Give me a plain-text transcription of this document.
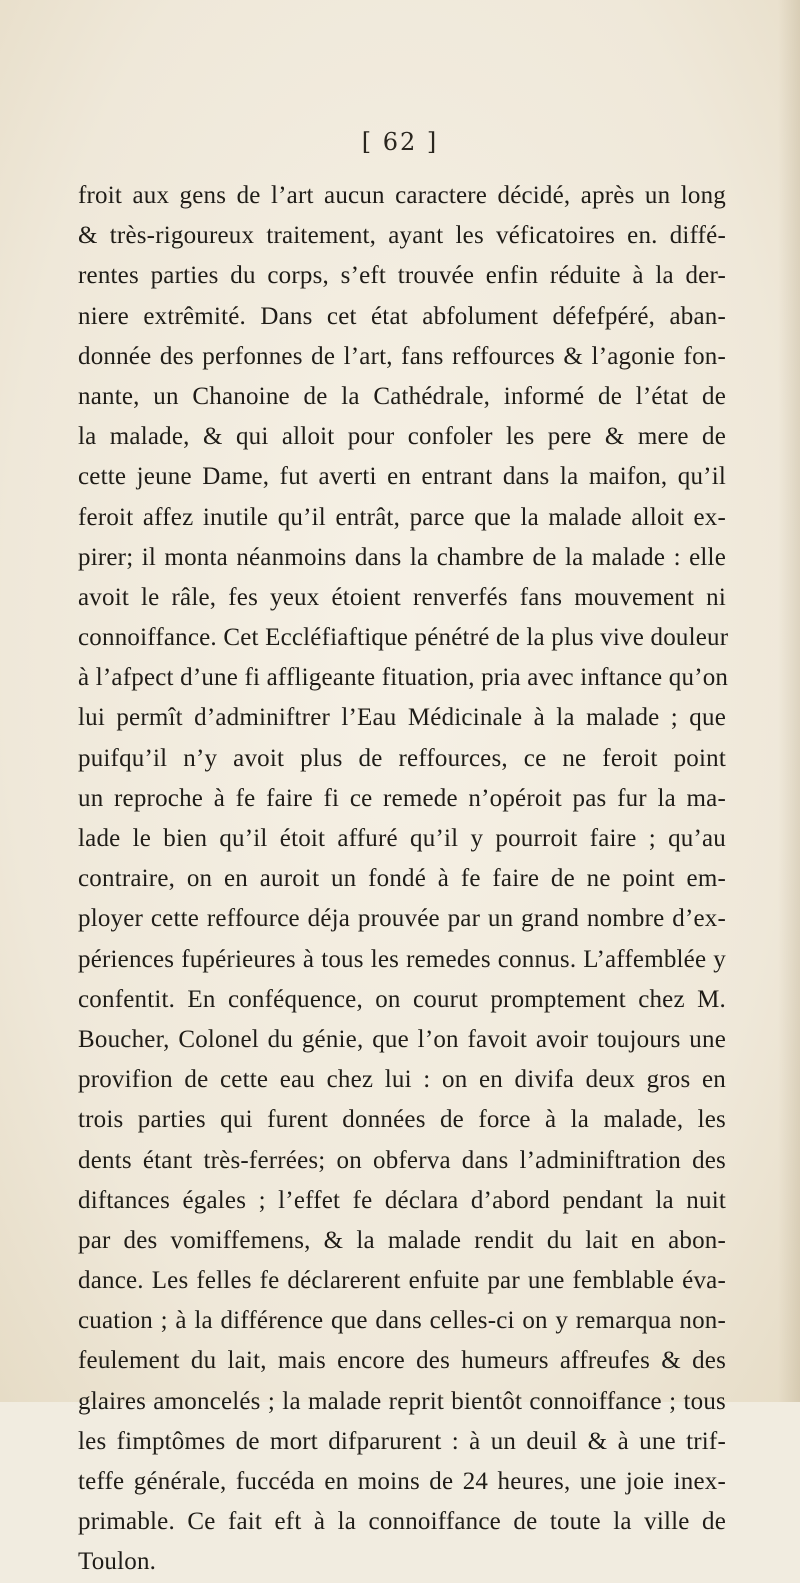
[ 62 ]
froit aux gens de l’art aucun caractere décidé, après un long
& très-rigoureux traitement, ayant les véficatoires en. diffé-
rentes parties du corps, s’eft trouvée enfin réduite à la der-
niere extrêmité. Dans cet état abfolument défefpéré, aban-
donnée des perfonnes de l’art, fans reffources & l’agonie fon-
nante, un Chanoine de la Cathédrale, informé de l’état de
la malade, & qui alloit pour confoler les pere & mere de
cette jeune Dame, fut averti en entrant dans la maifon, qu’il
feroit affez inutile qu’il entrât, parce que la malade alloit ex-
pirer; il monta néanmoins dans la chambre de la malade : elle
avoit le râle, fes yeux étoient renverfés fans mouvement ni
connoiffance. Cet Eccléfiaftique pénétré de la plus vive douleur
à l’afpect d’une fi affligeante fituation, pria avec inftance qu’on
lui permît d’adminiftrer l’Eau Médicinale à la malade ; que
puifqu’il n’y avoit plus de reffources, ce ne feroit point
un reproche à fe faire fi ce remede n’opéroit pas fur la ma-
lade le bien qu’il étoit affuré qu’il y pourroit faire ; qu’au
contraire, on en auroit un fondé à fe faire de ne point em-
ployer cette reffource déja prouvée par un grand nombre d’ex-
périences fupérieures à tous les remedes connus. L’affemblée y
confentit. En conféquence, on courut promptement chez M.
Boucher, Colonel du génie, que l’on favoit avoir toujours une
provifion de cette eau chez lui : on en divifa deux gros en
trois parties qui furent données de force à la malade, les
dents étant très-ferrées; on obferva dans l’adminiftration des
diftances égales ; l’effet fe déclara d’abord pendant la nuit
par des vomiffemens, & la malade rendit du lait en abon-
dance. Les felles fe déclarerent enfuite par une femblable éva-
cuation ; à la différence que dans celles-ci on y remarqua non-
feulement du lait, mais encore des humeurs affreufes & des
glaires amoncelés ; la malade reprit bientôt connoiffance ; tous
les fimptômes de mort difparurent : à un deuil & à une trif-
teffe générale, fuccéda en moins de 24 heures, une joie inex-
primable. Ce fait eft à la connoiffance de toute la ville de
Toulon.
